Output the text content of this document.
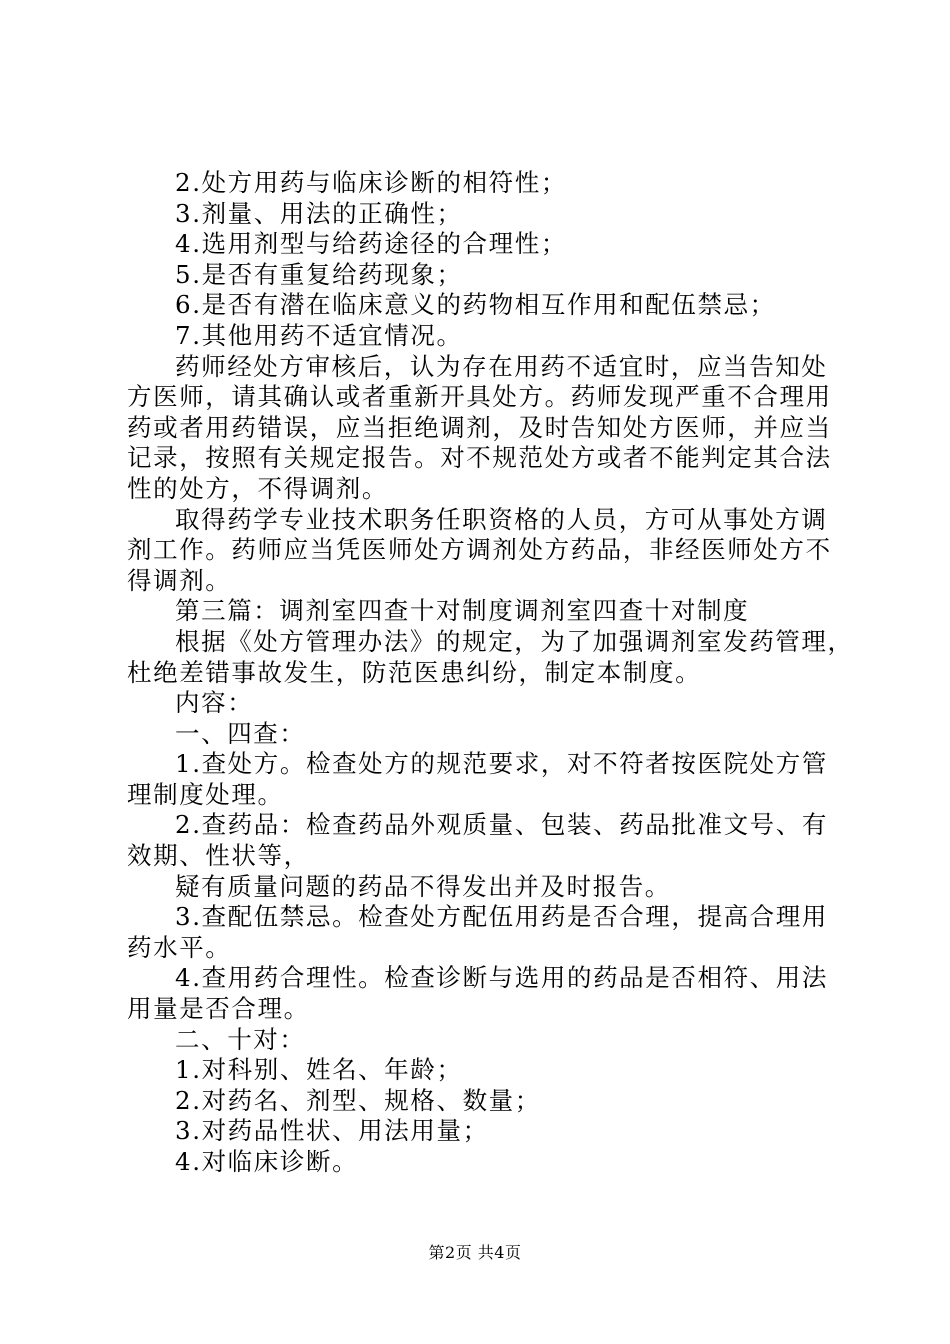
2.处方用药与临床诊断的相符性；
3.剂量、用法的正确性；
4.选用剂型与给药途径的合理性；
5.是否有重复给药现象；
6.是否有潜在临床意义的药物相互作用和配伍禁忌；
7.其他用药不适宜情况。
药师经处方审核后，认为存在用药不适宜时，应当告知处
方医师，请其确认或者重新开具处方。药师发现严重不合理用
药或者用药错误，应当拒绝调剂，及时告知处方医师，并应当
记录，按照有关规定报告。对不规范处方或者不能判定其合法
性的处方，不得调剂。
取得药学专业技术职务任职资格的人员，方可从事处方调
剂工作。药师应当凭医师处方调剂处方药品，非经医师处方不
得调剂。
第三篇：调剂室四查十对制度调剂室四查十对制度
根据《处方管理办法》的规定，为了加强调剂室发药管理，
杜绝差错事故发生，防范医患纠纷，制定本制度。
内容：
一、四查：
1.查处方。检查处方的规范要求，对不符者按医院处方管
理制度处理。
2.查药品：检查药品外观质量、包装、药品批准文号、有
效期、性状等，
疑有质量问题的药品不得发出并及时报告。
3.查配伍禁忌。检查处方配伍用药是否合理，提高合理用
药水平。
4.查用药合理性。检查诊断与选用的药品是否相符、用法
用量是否合理。
二、十对：
1.对科别、姓名、年龄；
2.对药名、剂型、规格、数量；
3.对药品性状、用法用量；
4.对临床诊断。
第2页 共4页
